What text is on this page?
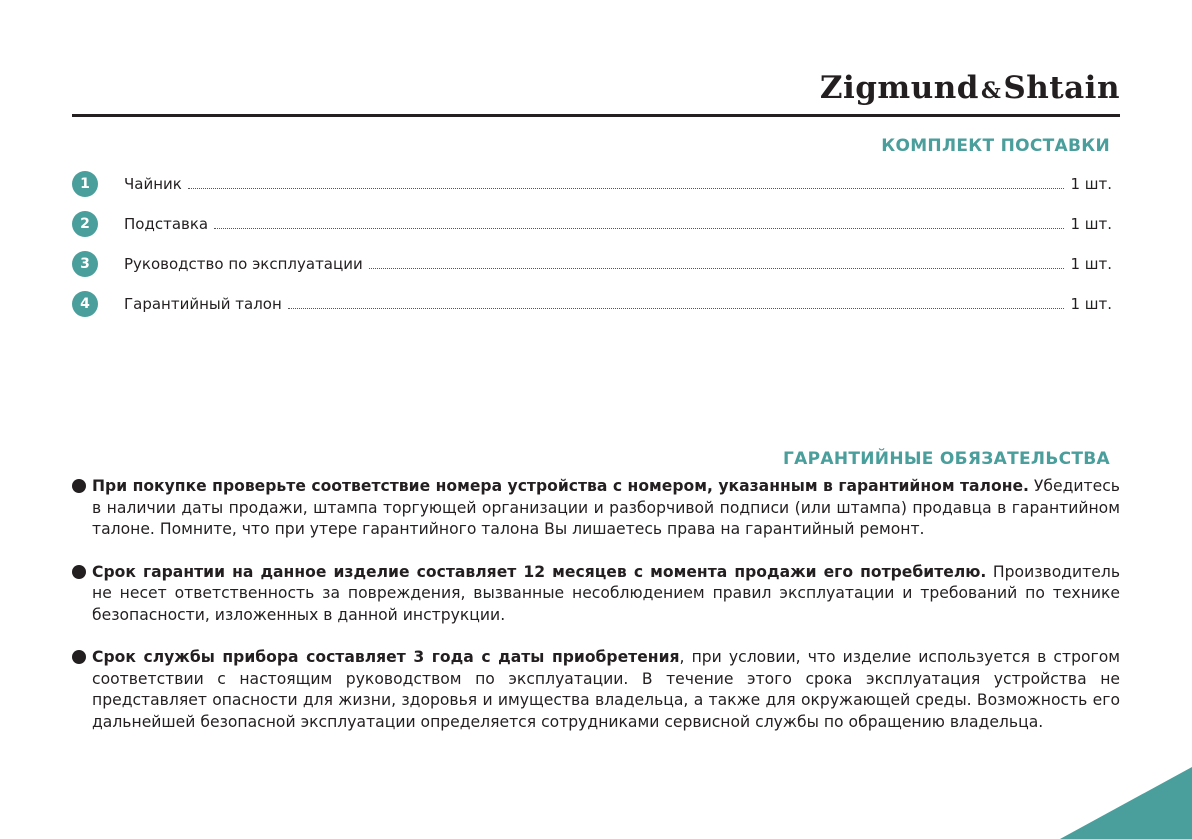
Zigmund&Shtain
КОМПЛЕКТ ПОСТАВКИ
1	Чайник	1 шт.
2	Подставка	1 шт.
3	Руководство по эксплуатации	1 шт.
4	Гарантийный талон	1 шт.
ГАРАНТИЙНЫЕ ОБЯЗАТЕЛЬСТВА
При покупке проверьте соответствие номера устройства с номером, указанным в гарантийном талоне. Убедитесь в наличии даты продажи, штампа торгующей организации и разборчивой подписи (или штампа) продавца в гарантийном талоне. Помните, что при утере гарантийного талона Вы лишаетесь права на гарантийный ремонт.
Срок гарантии на данное изделие составляет 12 месяцев с момента продажи его потребителю. Производитель не несет ответственность за повреждения, вызванные несоблюдением правил эксплуатации и требований по технике безопасности, изложенных в данной инструкции.
Срок службы прибора составляет 3 года с даты приобретения, при условии, что изделие используется в строгом соответствии с настоящим руководством по эксплуатации. В течение этого срока эксплуатация устройства не представляет опасности для жизни, здоровья и имущества владельца, а также для окружающей среды. Возможность его дальнейшей безопасной эксплуатации определяется сотрудниками сервисной службы по обращению владельца.
